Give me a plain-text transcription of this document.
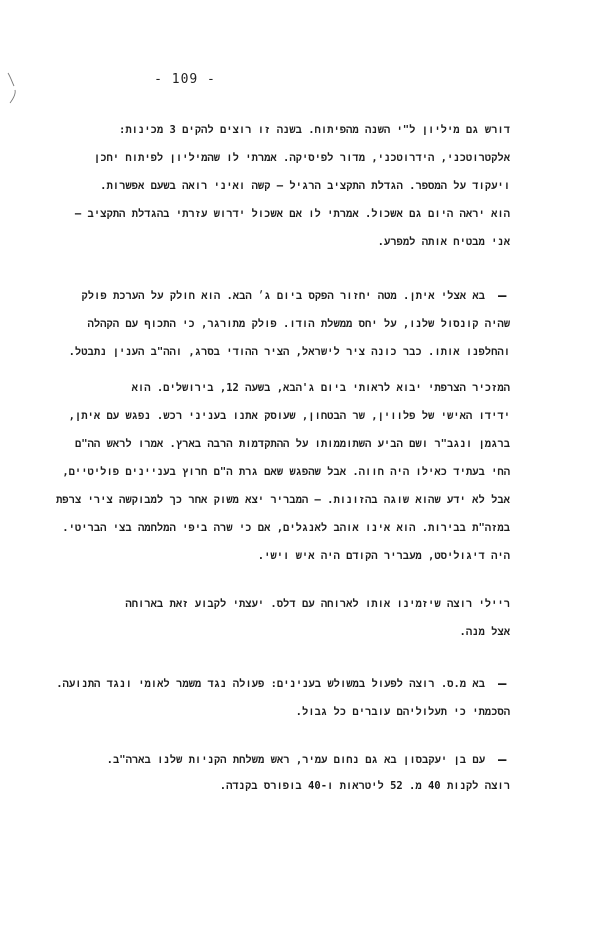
- 109 -
דורש גם מיליון ל"י השנה מהפיתוח. בשנה זו רוצים להקים 3 מכינות:
אלקטרוטכני, הידרוטכני, מדור לפיסיקה. אמרתי לו שהמיליון לפיתוח יחכן
ויעקוד על המספר. הגדלת התקציב הרגיל – קשה ואיני רואה בשעם אפשרות.
הוא יראה היום גם אשכול. אמרתי לו אם אשכול ידרוש עזרתי בהגדלת התקציב –
אני מבטיח אותה למפרע.
–
בא אצלי איתן. מטה יחזור הפקס ביום ג׳ הבא. הוא חולק על הערכת פולק
שהיה קונסול שלנו, על יחס ממשלת הודו. פולק מתורגר, כי התכוף עם הקהלה
והחלפנו אותו. כבר כונה ציר לישראל, הציר ההודי בסרג, והה"ב הענין נתבטל.
המזכיר הצרפתי יבוא לראותי ביום ג'הבא, בשעה 12, בירושלים. הוא
ידידו האישי של פלווין, שר הבטחון, שעוסק אתנו בעניני רכש. נפגש עם איתן,
ברגמן ונגב"ר ושם הביע השתוממותו על ההתקדמות הרבה בארץ. אמרו לראש הה"ם
החי בעתיד כאילו היה חווה. אבל שהפגש שאם גרת ה"ם חרוץ בעניינים פוליטיים,
אבל לא ידע שהוא שוגה בהזונות. – המבריר יצא משוק אחר כך למבוקשה צירי צרפת
במזה"ת בבירות. הוא אינו אוהב לאנגלים, אם כי שרה ביפי המלחמה בצי הבריטי.
היה דיגוליסט, מעבריר הקודם היה איש וישי.
ריילי רוצה שיזמינו אותו לארוחה עם דלס. יעצתי לקבוע זאת בארוחה
אצל מנה.
–
בא מ.ס. רוצה לפעול במשולש בענינים: פעולה נגד משמר לאומי ונגד התנועה.
הסכמתי כי תעלוליהם עוברים כל גבול.
–
עם בן יעקבסון בא גם נחום עמיר, ראש משלחת הקניות שלנו בארה"ב.
רוצה לקנות 40 מ. 52 ליטראות ו-40 בופורס בקנדה.
